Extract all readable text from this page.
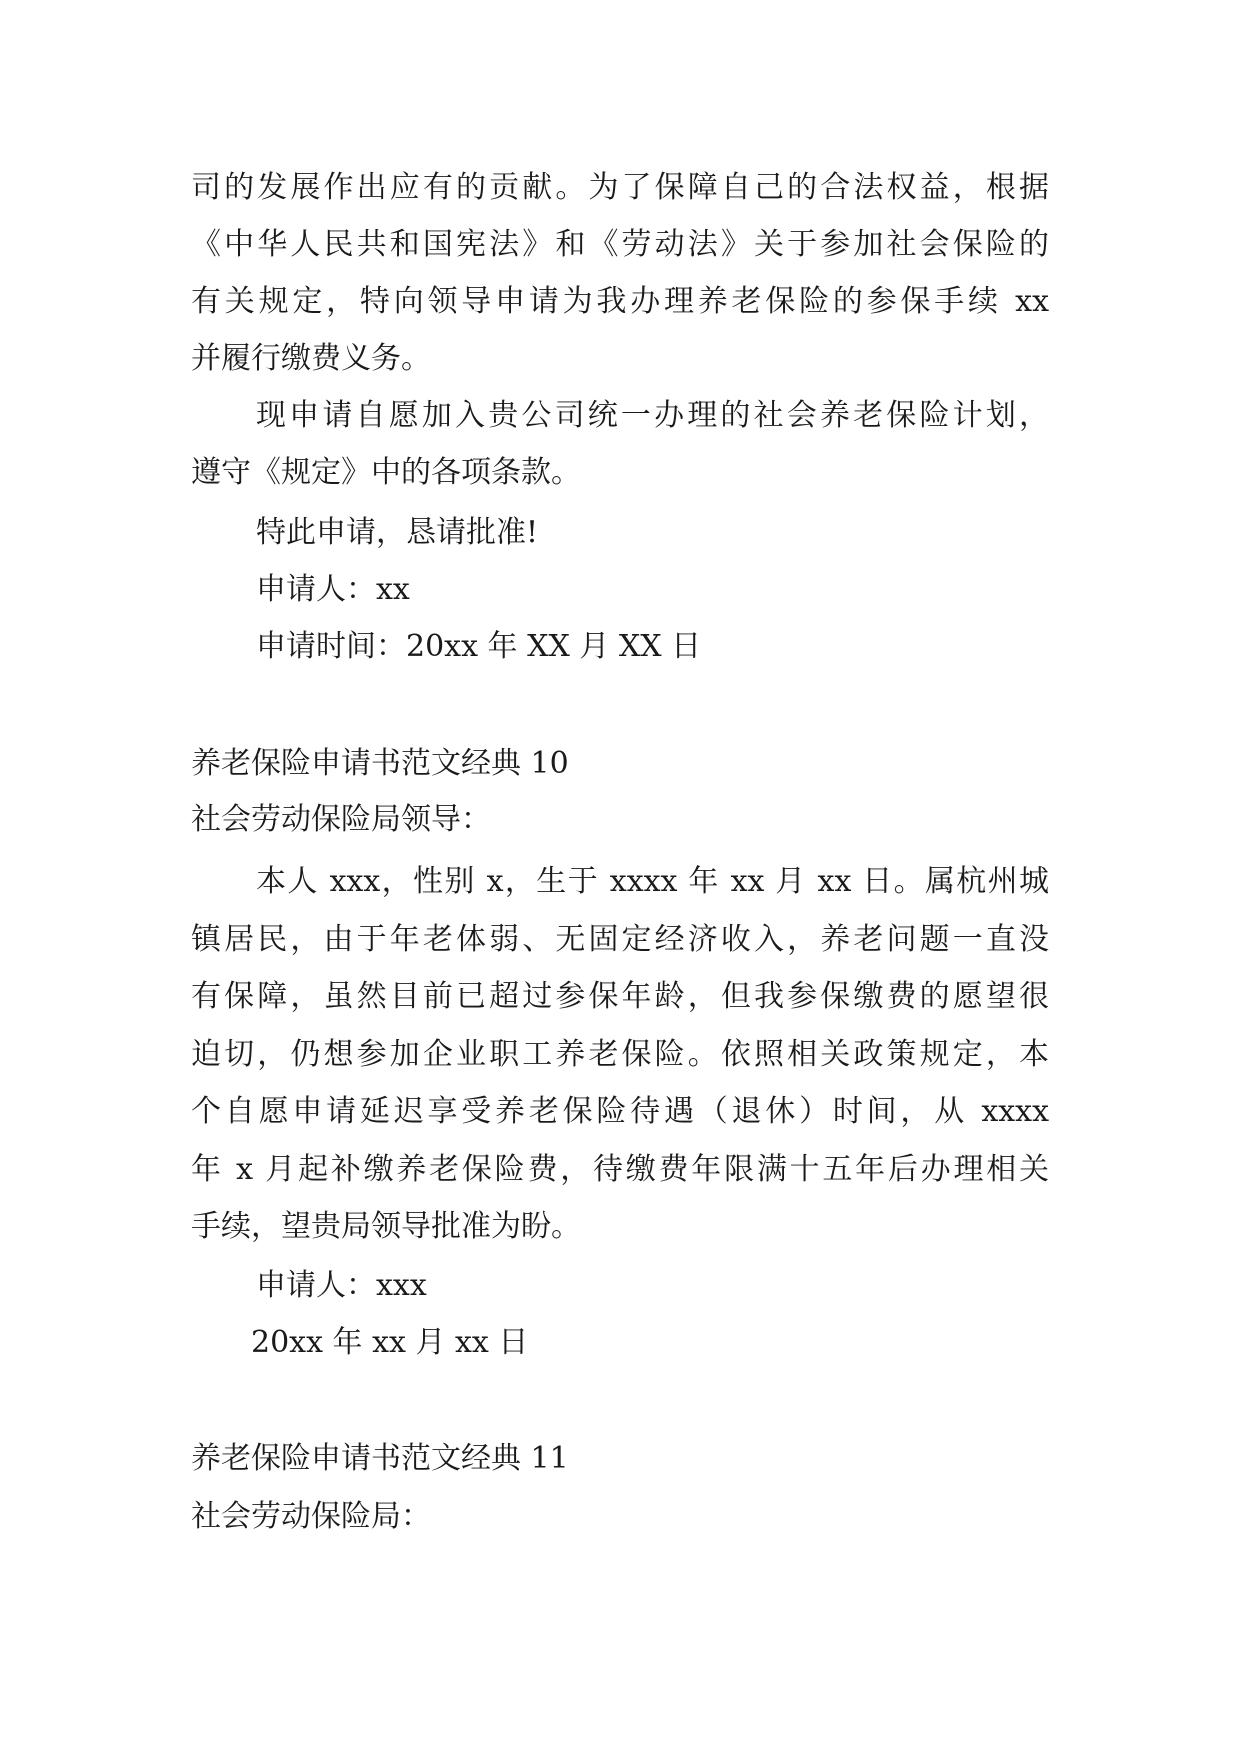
司的发展作出应有的贡献。为了保障自己的合法权益，根据
《中华人民共和国宪法》和《劳动法》关于参加社会保险的
有关规定，特向领导申请为我办理养老保险的参保手续 xx
并履行缴费义务。
现申请自愿加入贵公司统一办理的社会养老保险计划，
遵守《规定》中的各项条款。
特此申请，恳请批准!
申请人：xx
申请时间：20xx 年 XX 月 XX 日
养老保险申请书范文经典 10
社会劳动保险局领导：
本人 xxx，性别 x，生于 xxxx 年 xx 月 xx 日。属杭州城
镇居民，由于年老体弱、无固定经济收入，养老问题一直没
有保障，虽然目前已超过参保年龄，但我参保缴费的愿望很
迫切，仍想参加企业职工养老保险。依照相关政策规定，本
个自愿申请延迟享受养老保险待遇（退休）时间，从 xxxx
年 x 月起补缴养老保险费，待缴费年限满十五年后办理相关
手续，望贵局领导批准为盼。
申请人：xxx
20xx 年 xx 月 xx 日
养老保险申请书范文经典 11
社会劳动保险局：
